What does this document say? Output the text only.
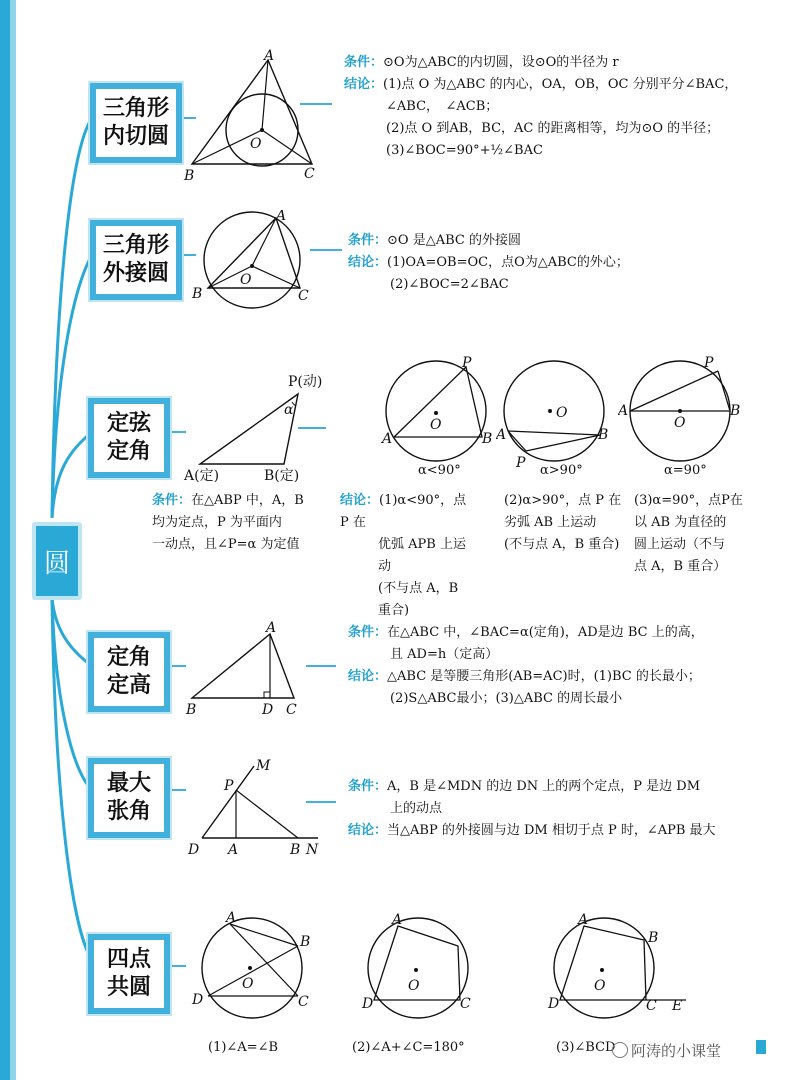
圆
三角形
内切圆
A
B	C
O
条件：⊙O为△ABC的内切圆，设⊙O的半径为 r
结论：(1)点 O 为△ABC 的内心，OA，OB，OC 分别平分∠BAC，
∠ABC，　∠ACB；
(2)点 O 到AB，BC，AC 的距离相等，均为⊙O 的半径；
(3)∠BOC=90°+½∠BAC
三角形
外接圆
A
B	C
O
条件：⊙O 是△ABC 的外接圆
结论：(1)OA=OB=OC，点O为△ABC的外心；
(2)∠BOC=2∠BAC
定弦
定角
P(动)
α
A(定)	B(定)
条件：在△ABP 中，A，B
均为定点，P 为平面内
一动点，且∠P=α 为定值
P
A	B
O
A	B
P
O
P
A	B
O
α<90°	α>90°	α=90°
结论：(1)α<90°，点 P 在
优弧 APB 上运动
(不与点 A，B 重合)
(2)α>90°，点 P 在
劣弧 AB 上运动
(不与点 A，B 重合)
(3)α=90°，点P在
以 AB 为直径的
圆上运动（不与
点 A，B 重合）
定角
定高
A
B	D C
条件：在△ABC 中，∠BAC=α(定角)，AD是边 BC 上的高，
且 AD=h（定高）
结论：△ABC 是等腰三角形(AB=AC)时，(1)BC 的长最小；
(2)S△ABC最小；(3)△ABC 的周长最小
最大
张角
M
P
D A	B N
条件：A，B 是∠MDN 的边 DN 上的两个定点，P 是边 DM
上的动点
结论：当△ABP 的外接圆与边 DM 相切于点 P 时，∠APB 最大
四点
共圆
A
B
D	C
O
A
D	C
O
A
B
D	C E
O
(1)∠A=∠B	(2)∠A+∠C=180°	(3)∠BCD	阿涛的小课堂
